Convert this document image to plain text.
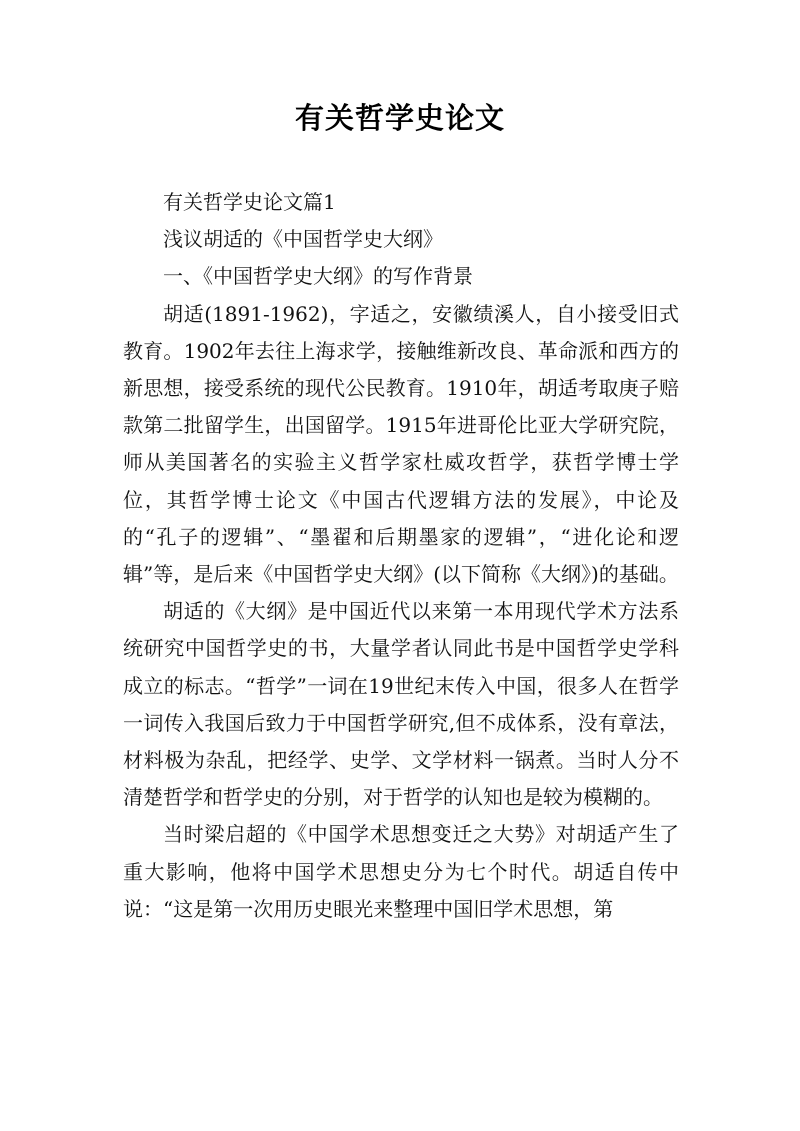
有关哲学史论文

有关哲学史论文篇1

浅议胡适的《中国哲学史大纲》

一、《中国哲学史大纲》的写作背景

胡适(1891-1962)，字适之，安徽绩溪人，自小接受旧式教育。1902年去往上海求学，接触维新改良、革命派和西方的新思想，接受系统的现代公民教育。1910年，胡适考取庚子赔款第二批留学生，出国留学。1915年进哥伦比亚大学研究院，师从美国著名的实验主义哲学家杜威攻哲学，获哲学博士学位，其哲学博士论文《中国古代逻辑方法的发展》，中论及的“孔子的逻辑”、“墨翟和后期墨家的逻辑”，“进化论和逻辑”等，是后来《中国哲学史大纲》(以下简称《大纲》)的基础。

胡适的《大纲》是中国近代以来第一本用现代学术方法系统研究中国哲学史的书，大量学者认同此书是中国哲学史学科成立的标志。“哲学”一词在19世纪末传入中国，很多人在哲学一词传入我国后致力于中国哲学研究,但不成体系，没有章法，材料极为杂乱，把经学、史学、文学材料一锅煮。当时人分不清楚哲学和哲学史的分别，对于哲学的认知也是较为模糊的。

当时梁启超的《中国学术思想变迁之大势》对胡适产生了重大影响，他将中国学术思想史分为七个时代。胡适自传中说：“这是第一次用历史眼光来整理中国旧学术思想，第
